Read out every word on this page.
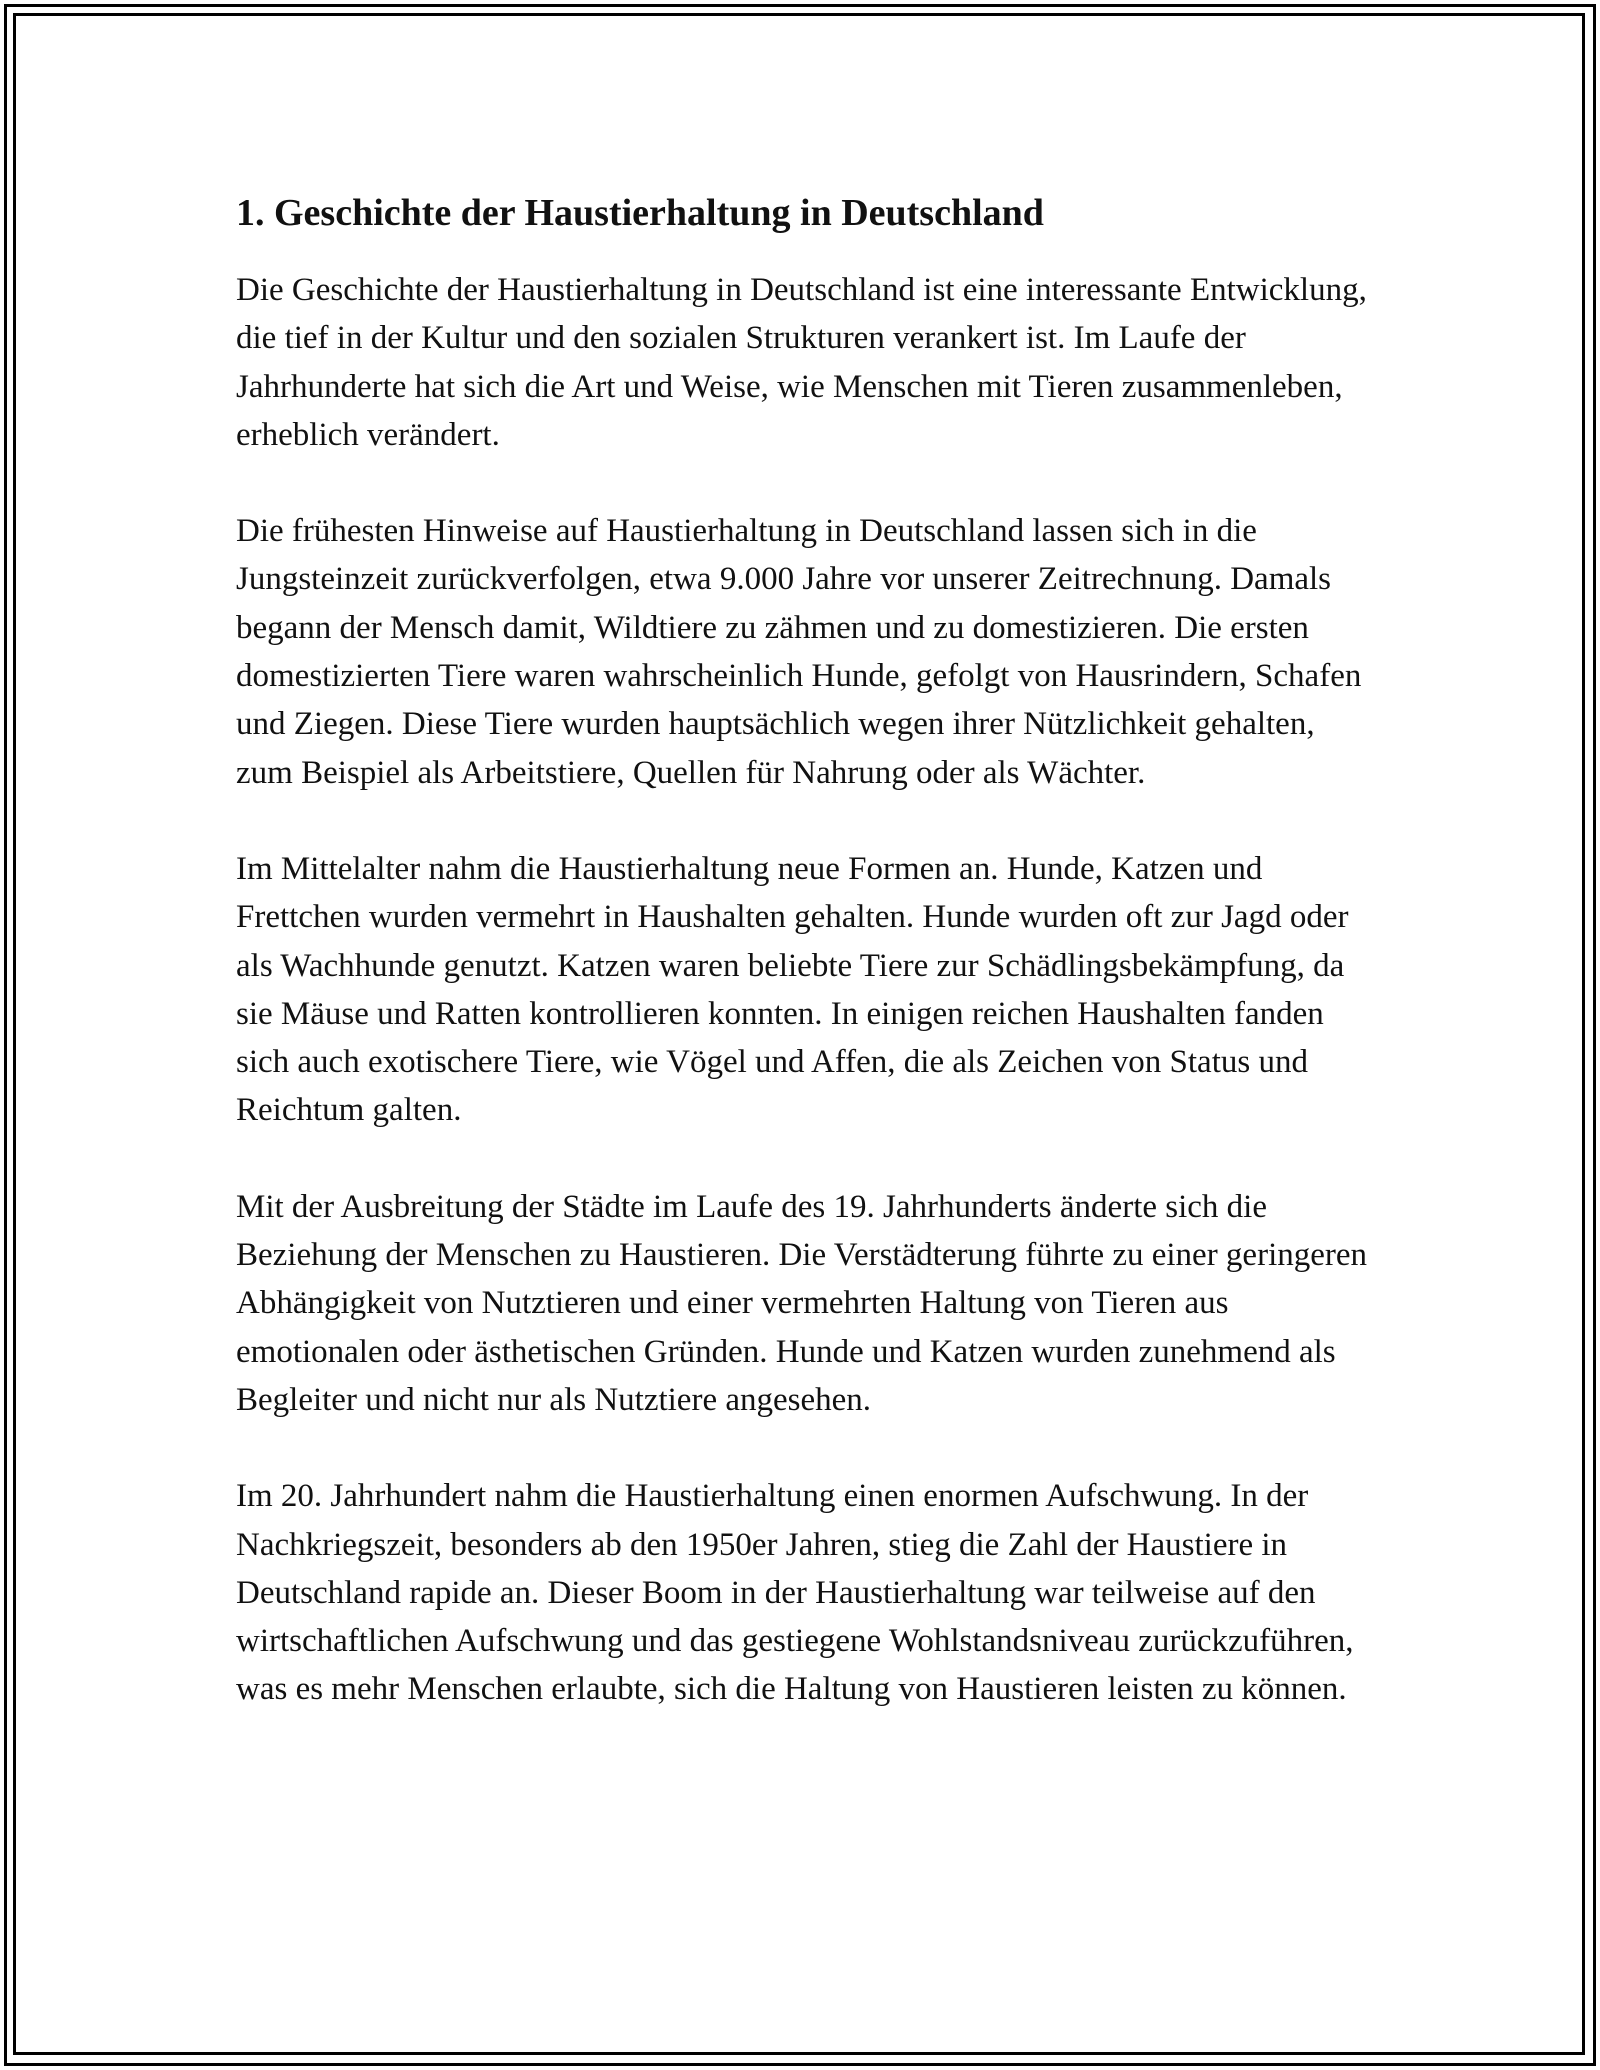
1. Geschichte der Haustierhaltung in Deutschland

Die Geschichte der Haustierhaltung in Deutschland ist eine interessante Entwicklung, die tief in der Kultur und den sozialen Strukturen verankert ist. Im Laufe der Jahrhunderte hat sich die Art und Weise, wie Menschen mit Tieren zusammenleben, erheblich verändert.

Die frühesten Hinweise auf Haustierhaltung in Deutschland lassen sich in die Jungsteinzeit zurückverfolgen, etwa 9.000 Jahre vor unserer Zeitrechnung. Damals begann der Mensch damit, Wildtiere zu zähmen und zu domestizieren. Die ersten domestizierten Tiere waren wahrscheinlich Hunde, gefolgt von Hausrindern, Schafen und Ziegen. Diese Tiere wurden hauptsächlich wegen ihrer Nützlichkeit gehalten, zum Beispiel als Arbeitstiere, Quellen für Nahrung oder als Wächter.

Im Mittelalter nahm die Haustierhaltung neue Formen an. Hunde, Katzen und Frettchen wurden vermehrt in Haushalten gehalten. Hunde wurden oft zur Jagd oder als Wachhunde genutzt. Katzen waren beliebte Tiere zur Schädlingsbekämpfung, da sie Mäuse und Ratten kontrollieren konnten. In einigen reichen Haushalten fanden sich auch exotischere Tiere, wie Vögel und Affen, die als Zeichen von Status und Reichtum galten.

Mit der Ausbreitung der Städte im Laufe des 19. Jahrhunderts änderte sich die Beziehung der Menschen zu Haustieren. Die Verstädterung führte zu einer geringeren Abhängigkeit von Nutztieren und einer vermehrten Haltung von Tieren aus emotionalen oder ästhetischen Gründen. Hunde und Katzen wurden zunehmend als Begleiter und nicht nur als Nutztiere angesehen.

Im 20. Jahrhundert nahm die Haustierhaltung einen enormen Aufschwung. In der Nachkriegszeit, besonders ab den 1950er Jahren, stieg die Zahl der Haustiere in Deutschland rapide an. Dieser Boom in der Haustierhaltung war teilweise auf den wirtschaftlichen Aufschwung und das gestiegene Wohlstandsniveau zurückzuführen, was es mehr Menschen erlaubte, sich die Haltung von Haustieren leisten zu können.
